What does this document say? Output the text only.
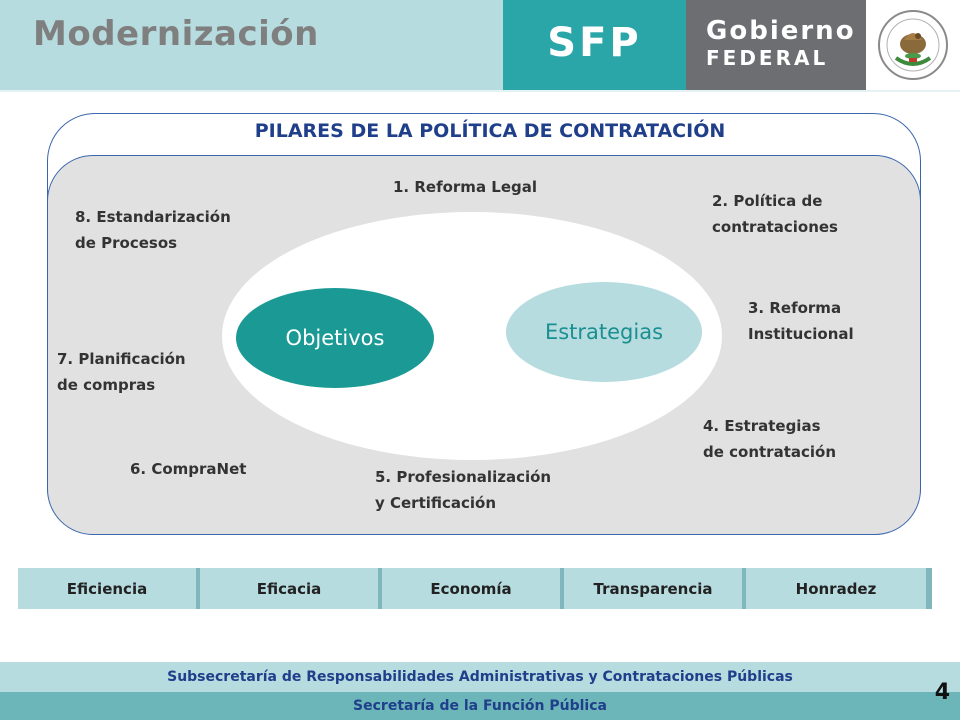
Modernización	SFP	Gobierno
FEDERAL
PILARES DE LA POLÍTICA DE CONTRATACIÓN
Objetivos	Estrategias
1. Reforma Legal
2. Política de
contrataciones
3. Reforma
Institucional
4. Estrategias
de contratación
5. Profesionalización
y Certificación
6. CompraNet
7. Planificación
de compras
8. Estandarización
de Procesos
Eficiencia	Eficacia	Economía	Transparencia	Honradez
Subsecretaría de Responsabilidades Administrativas y Contrataciones Públicas
Secretaría de la Función Pública
4
